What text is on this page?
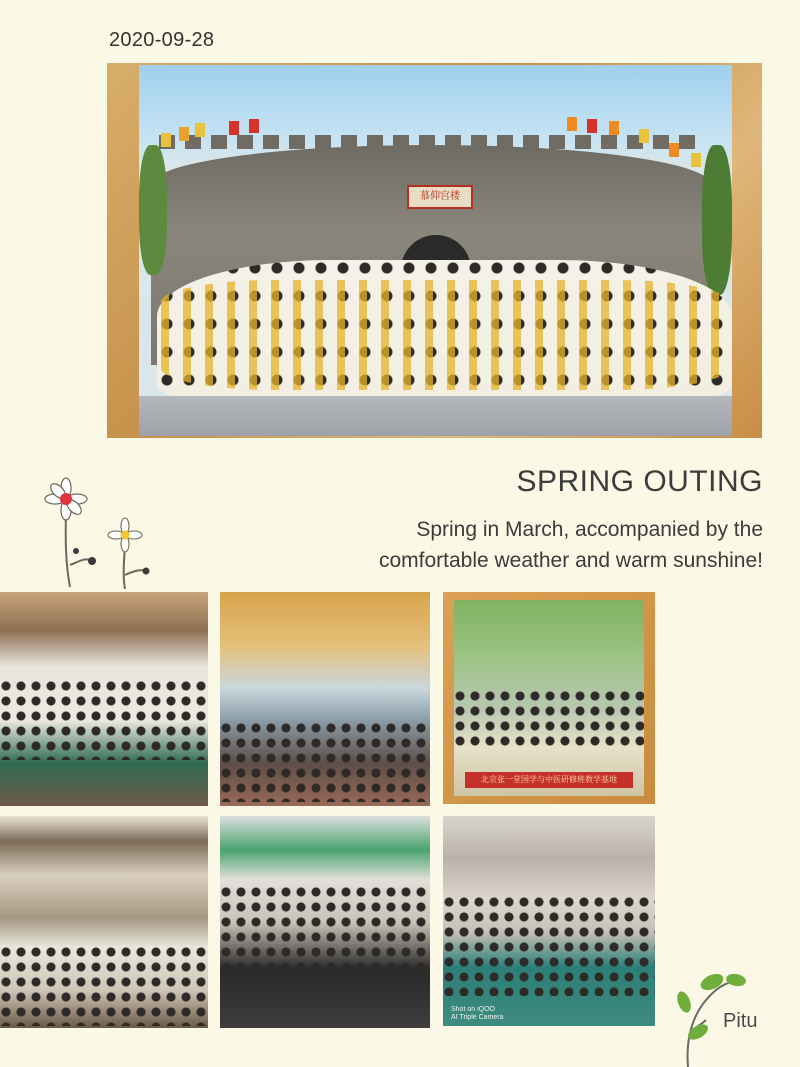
2020-09-28
慕仰宫楼
SPRING OUTING
Spring in March, accompanied by the comfortable weather and warm sunshine!
北京张一堂国学与中医研修班教学基地
Shot on iQOO
AI Triple Camera	Pitu
